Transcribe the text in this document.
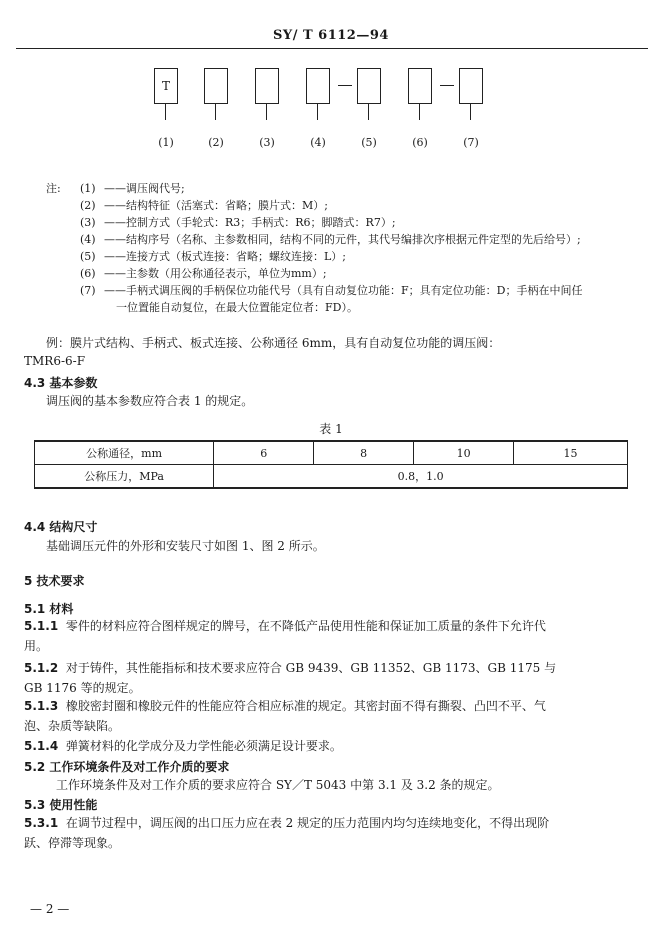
SY/ T 6112—94
T
(1)	(2)	(3)	(4)	(5)	(6)	(7)
注: (1) ——调压阀代号;
(2) ——结构特征（活塞式：省略；膜片式：M）;
(3) ——控制方式（手轮式：R3；手柄式：R6；脚踏式：R7）;
(4) ——结构序号（名称、主参数相同，结构不同的元件，其代号编排次序根据元件定型的先后给号）;
(5) ——连接方式（板式连接：省略；螺纹连接：L）;
(6) ——主参数（用公称通径表示，单位为mm）;
(7) ——手柄式调压阀的手柄保位功能代号（具有自动复位功能：F；具有定位功能：D；手柄在中间任
一位置能自动复位，在最大位置能定位者：FD）。
例：膜片式结构、手柄式、板式连接、公称通径 6mm，具有自动复位功能的调压阀：
TMR6-6-F
4.3 基本参数
调压阀的基本参数应符合表 1 的规定。
表 1
公称通径，mm	6	8	10	15
公称压力，MPa	0.8，1.0			
4.4 结构尺寸
基础调压元件的外形和安装尺寸如图 1、图 2 所示。
5 技术要求
5.1 材料
5.1.1 零件的材料应符合图样规定的牌号，在不降低产品使用性能和保证加工质量的条件下允许代
用。
5.1.2 对于铸件，其性能指标和技术要求应符合 GB 9439、GB 11352、GB 1173、GB 1175 与
GB 1176 等的规定。
5.1.3 橡胶密封圈和橡胶元件的性能应符合相应标准的规定。其密封面不得有撕裂、凸凹不平、气
泡、杂质等缺陷。
5.1.4 弹簧材料的化学成分及力学性能必须满足设计要求。
5.2 工作环境条件及对工作介质的要求
工作环境条件及对工作介质的要求应符合 SY／T 5043 中第 3.1 及 3.2 条的规定。
5.3 使用性能
5.3.1 在调节过程中，调压阀的出口压力应在表 2 规定的压力范围内均匀连续地变化，不得出现阶
跃、停滞等现象。
— 2 —
